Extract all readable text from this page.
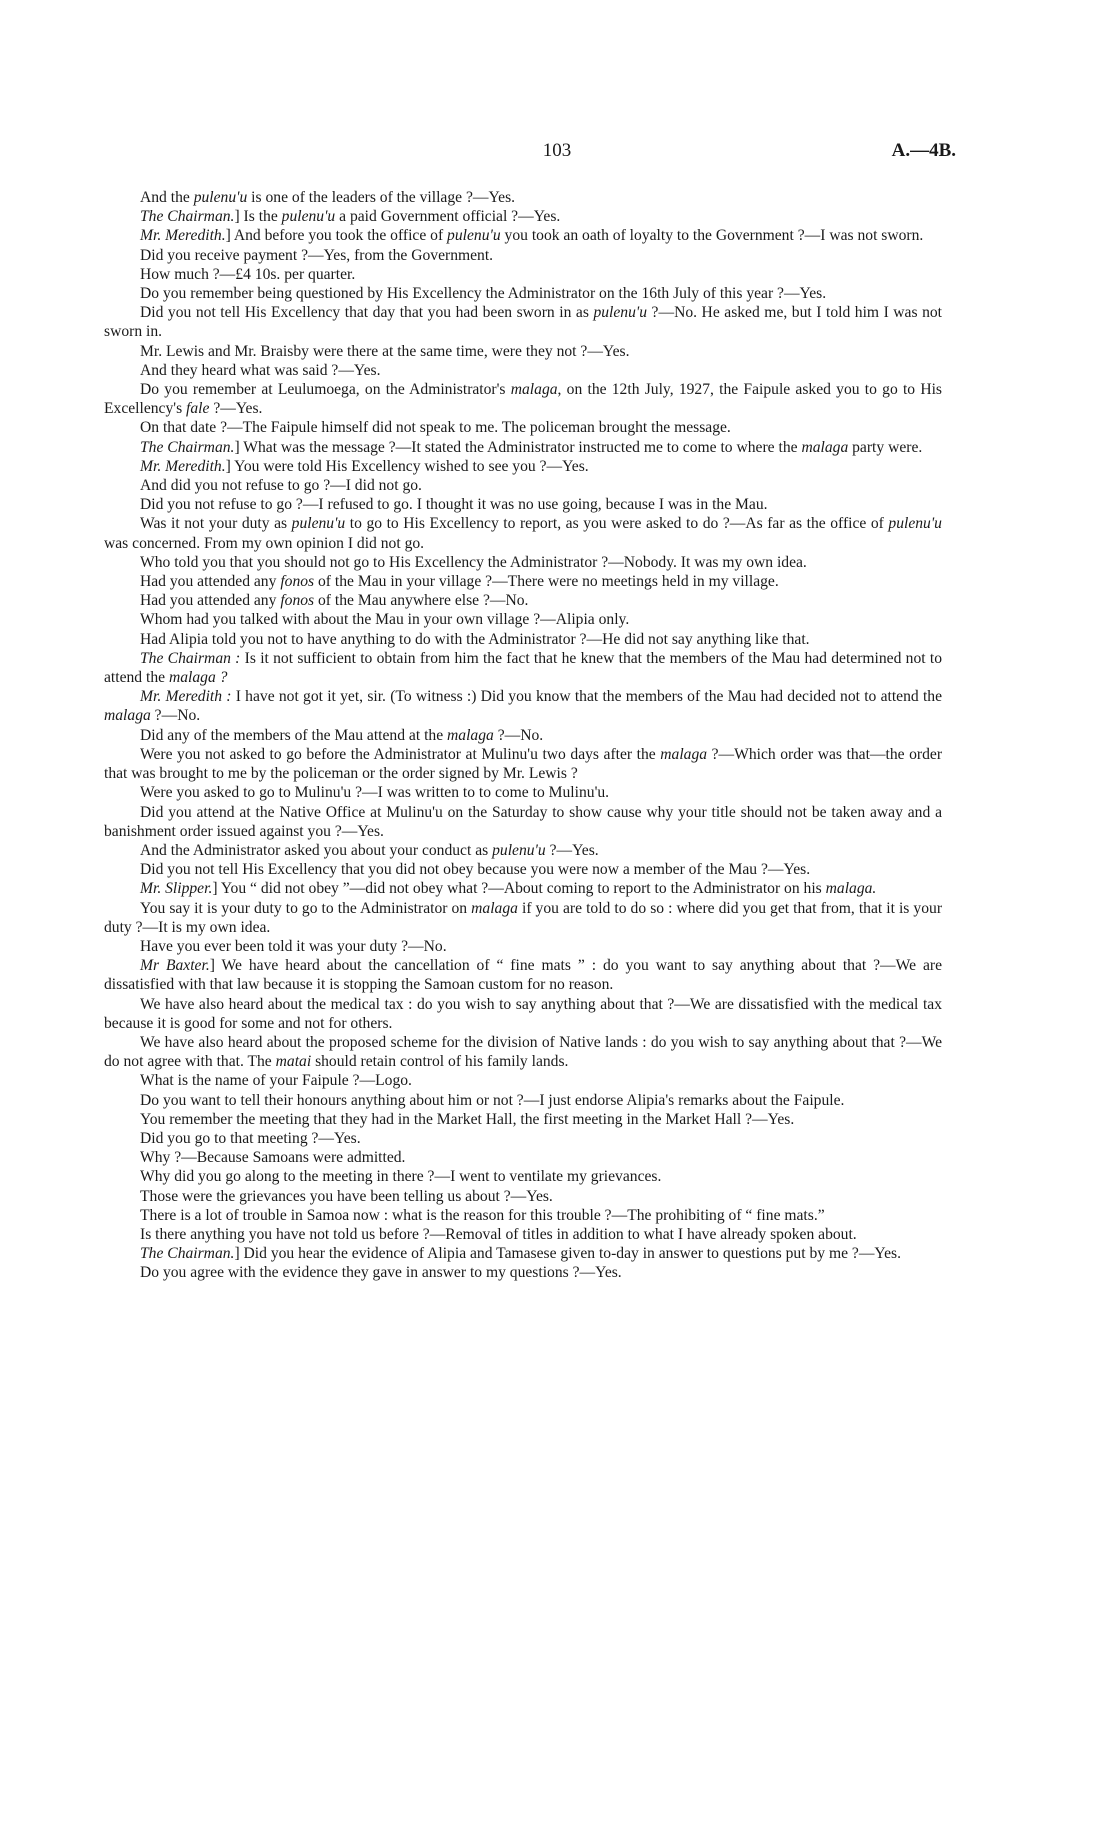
103	A.—4B.

And the pulenu'u is one of the leaders of the village ?—Yes.

The Chairman.] Is the pulenu'u a paid Government official ?—Yes.

Mr. Meredith.] And before you took the office of pulenu'u you took an oath of loyalty to the Government ?—I was not sworn.

Did you receive payment ?—Yes, from the Government.

How much ?—£4 10s. per quarter.

Do you remember being questioned by His Excellency the Administrator on the 16th July of this year ?—Yes.

Did you not tell His Excellency that day that you had been sworn in as pulenu'u ?—No. He asked me, but I told him I was not sworn in.

Mr. Lewis and Mr. Braisby were there at the same time, were they not ?—Yes.

And they heard what was said ?—Yes.

Do you remember at Leulumoega, on the Administrator's malaga, on the 12th July, 1927, the Faipule asked you to go to His Excellency's fale ?—Yes.

On that date ?—The Faipule himself did not speak to me. The policeman brought the message.

The Chairman.] What was the message ?—It stated the Administrator instructed me to come to where the malaga party were.

Mr. Meredith.] You were told His Excellency wished to see you ?—Yes.

And did you not refuse to go ?—I did not go.

Did you not refuse to go ?—I refused to go. I thought it was no use going, because I was in the Mau.

Was it not your duty as pulenu'u to go to His Excellency to report, as you were asked to do ?—As far as the office of pulenu'u was concerned. From my own opinion I did not go.

Who told you that you should not go to His Excellency the Administrator ?—Nobody. It was my own idea.

Had you attended any fonos of the Mau in your village ?—There were no meetings held in my village.

Had you attended any fonos of the Mau anywhere else ?—No.

Whom had you talked with about the Mau in your own village ?—Alipia only.

Had Alipia told you not to have anything to do with the Administrator ?—He did not say anything like that.

The Chairman : Is it not sufficient to obtain from him the fact that he knew that the members of the Mau had determined not to attend the malaga ?

Mr. Meredith : I have not got it yet, sir. (To witness :) Did you know that the members of the Mau had decided not to attend the malaga ?—No.

Did any of the members of the Mau attend at the malaga ?—No.

Were you not asked to go before the Administrator at Mulinu'u two days after the malaga ?—Which order was that—the order that was brought to me by the policeman or the order signed by Mr. Lewis ?

Were you asked to go to Mulinu'u ?—I was written to to come to Mulinu'u.

Did you attend at the Native Office at Mulinu'u on the Saturday to show cause why your title should not be taken away and a banishment order issued against you ?—Yes.

And the Administrator asked you about your conduct as pulenu'u ?—Yes.

Did you not tell His Excellency that you did not obey because you were now a member of the Mau ?—Yes.

Mr. Slipper.] You “ did not obey ”—did not obey what ?—About coming to report to the Administrator on his malaga.

You say it is your duty to go to the Administrator on malaga if you are told to do so : where did you get that from, that it is your duty ?—It is my own idea.

Have you ever been told it was your duty ?—No.

Mr Baxter.] We have heard about the cancellation of “ fine mats ” : do you want to say anything about that ?—We are dissatisfied with that law because it is stopping the Samoan custom for no reason.

We have also heard about the medical tax : do you wish to say anything about that ?—We are dissatisfied with the medical tax because it is good for some and not for others.

We have also heard about the proposed scheme for the division of Native lands : do you wish to say anything about that ?—We do not agree with that. The matai should retain control of his family lands.

What is the name of your Faipule ?—Logo.

Do you want to tell their honours anything about him or not ?—I just endorse Alipia's remarks about the Faipule.

You remember the meeting that they had in the Market Hall, the first meeting in the Market Hall ?—Yes.

Did you go to that meeting ?—Yes.

Why ?—Because Samoans were admitted.

Why did you go along to the meeting in there ?—I went to ventilate my grievances.

Those were the grievances you have been telling us about ?—Yes.

There is a lot of trouble in Samoa now : what is the reason for this trouble ?—The prohibiting of “ fine mats.”

Is there anything you have not told us before ?—Removal of titles in addition to what I have already spoken about.

The Chairman.] Did you hear the evidence of Alipia and Tamasese given to-day in answer to questions put by me ?—Yes.

Do you agree with the evidence they gave in answer to my questions ?—Yes.
